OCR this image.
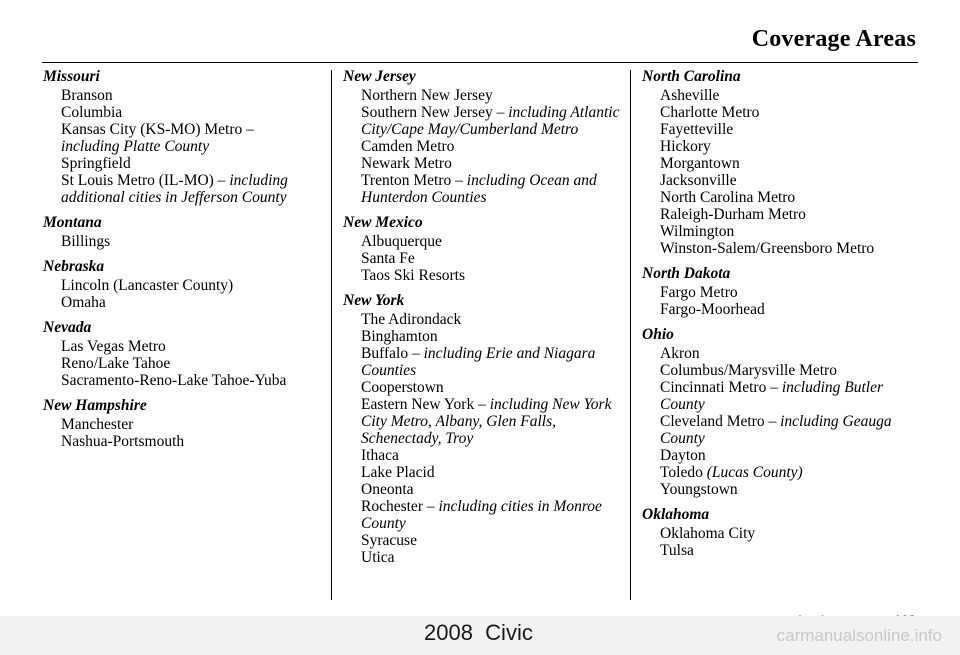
Coverage Areas
Missouri
Branson
Columbia
Kansas City (KS-MO) Metro –
including Platte County
Springfield
St Louis Metro (IL-MO) – including additional cities in Jefferson County
Montana
Billings
Nebraska
Lincoln (Lancaster County)
Omaha
Nevada
Las Vegas Metro
Reno/Lake Tahoe
Sacramento-Reno-Lake Tahoe-Yuba
New Hampshire
Manchester
Nashua-Portsmouth
New Jersey
Northern New Jersey
Southern New Jersey – including Atlantic City/Cape May/Cumberland Metro
Camden Metro
Newark Metro
Trenton Metro – including Ocean and Hunterdon Counties
New Mexico
Albuquerque
Santa Fe
Taos Ski Resorts
New York
The Adirondack
Binghamton
Buffalo – including Erie and Niagara Counties
Cooperstown
Eastern New York – including New York City Metro, Albany, Glen Falls, Schenectady, Troy
Ithaca
Lake Placid
Oneonta
Rochester – including cities in Monroe County
Syracuse
Utica
North Carolina
Asheville
Charlotte Metro
Fayetteville
Hickory
Morgantown
Jacksonville
North Carolina Metro
Raleigh-Durham Metro
Wilmington
Winston-Salem/Greensboro Metro
North Dakota
Fargo Metro
Fargo-Moorhead
Ohio
Akron
Columbus/Marysville Metro
Cincinnati Metro – including Butler County
Cleveland Metro – including Geauga County
Dayton
Toledo (Lucas County)
Youngstown
Oklahoma
Oklahoma City
Tulsa
2008  Civic	carmanualsonline.info
